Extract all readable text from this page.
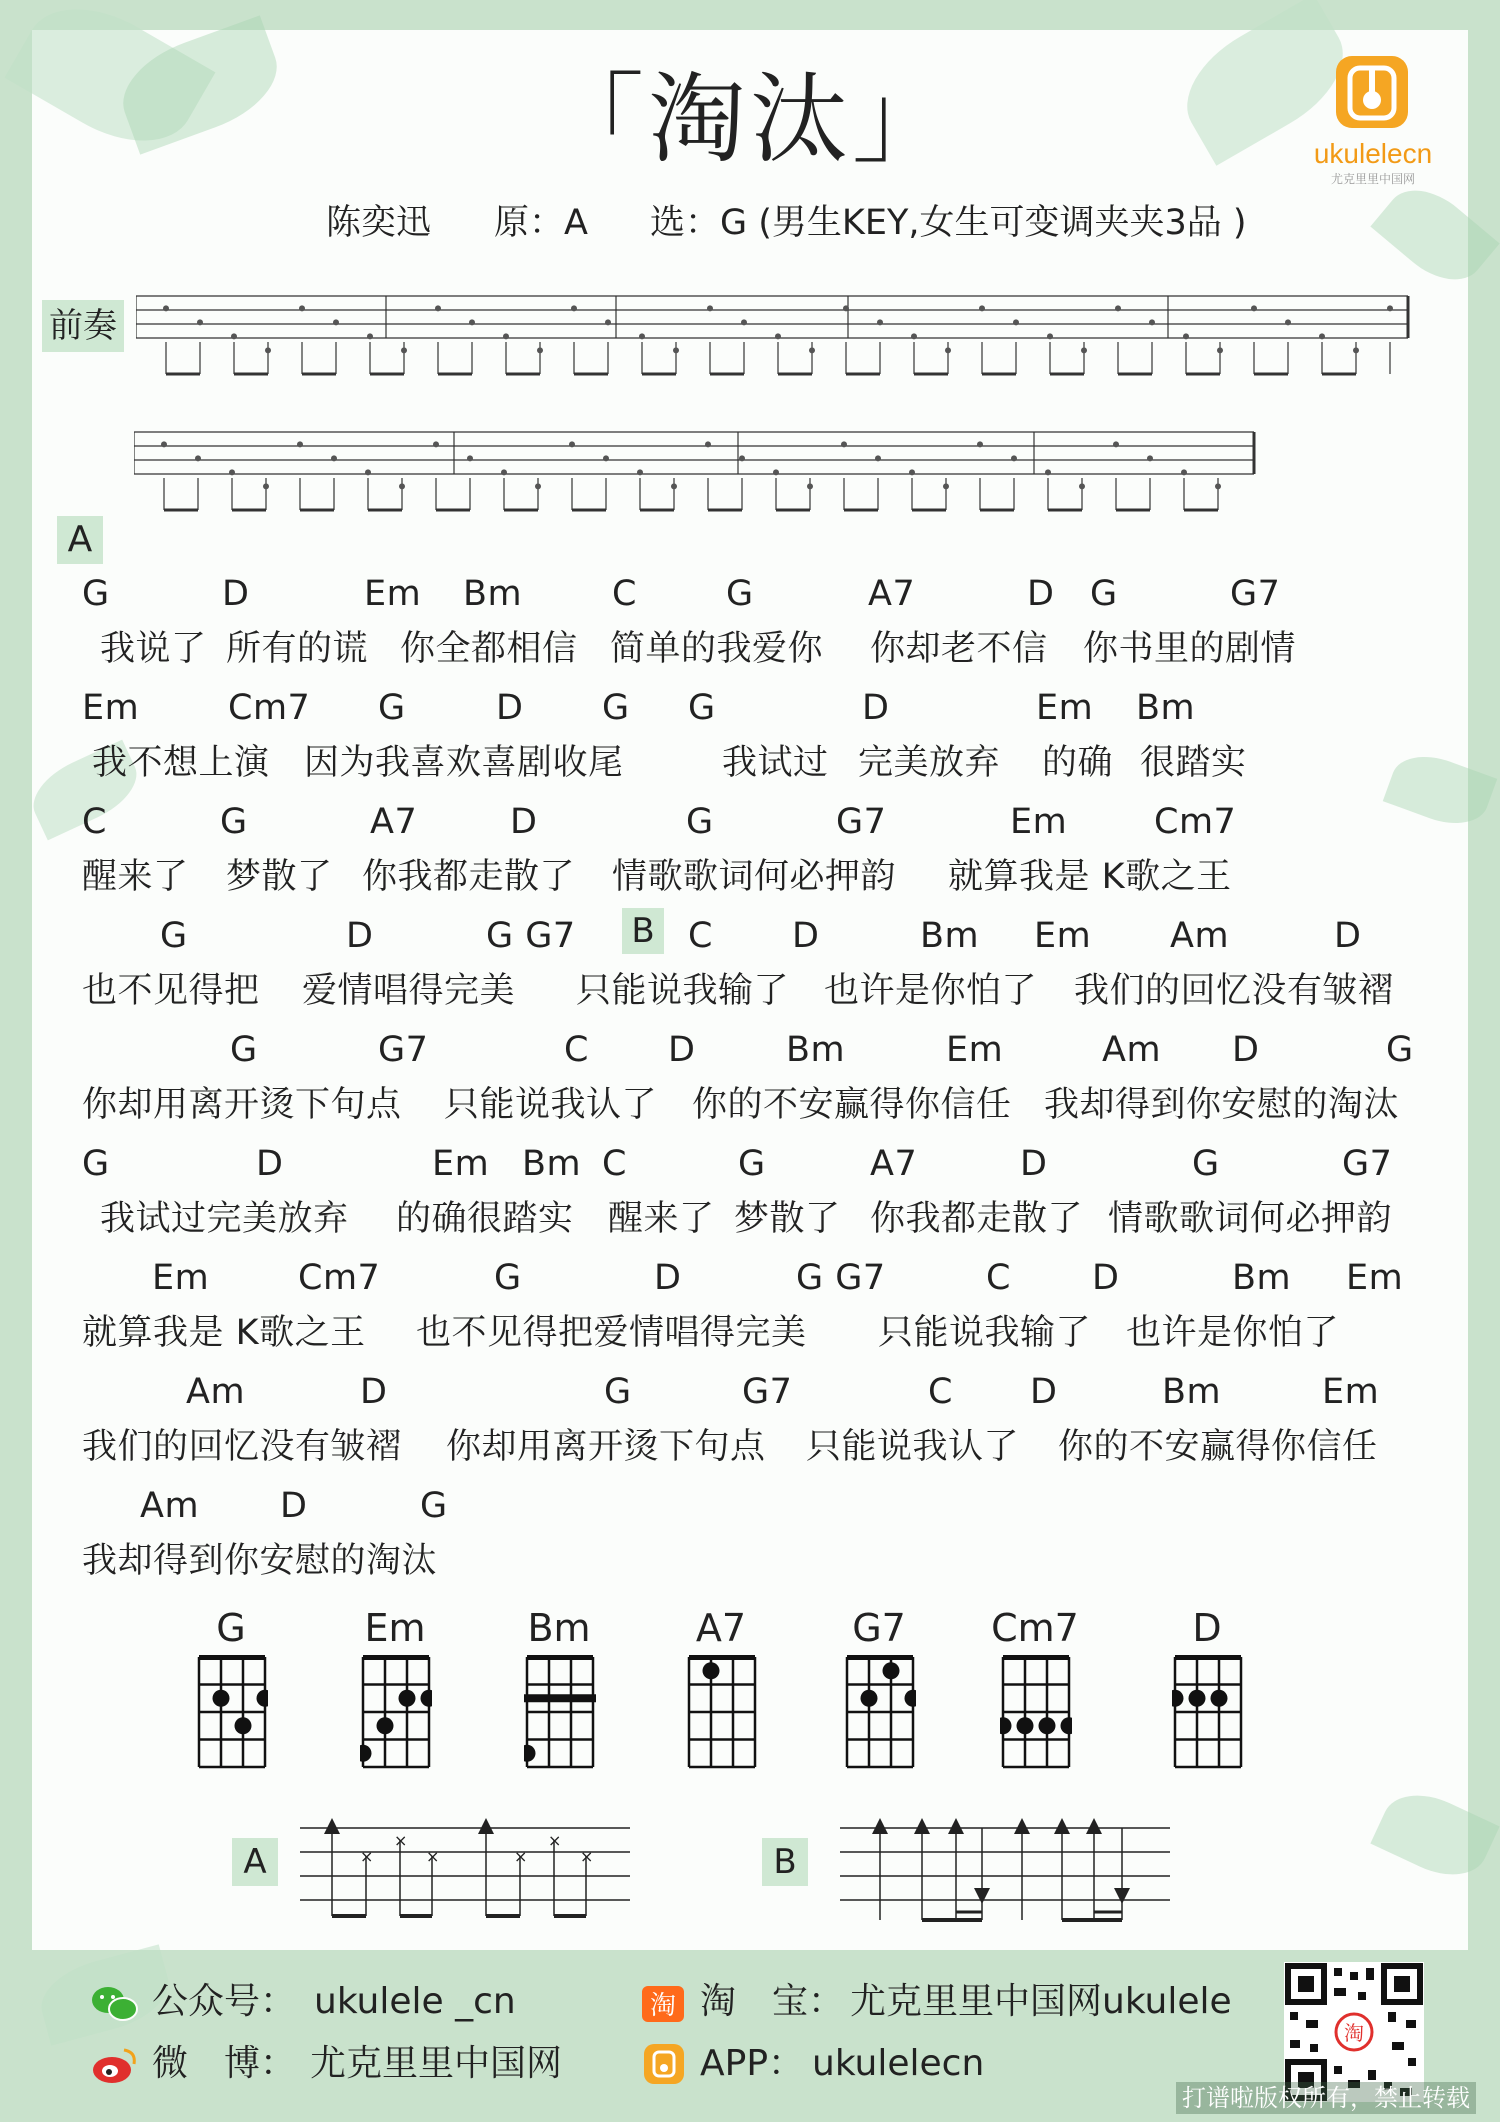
「淘汰」
陈奕迅 原：A 选：G (男生KEY,女生可变调夹夹3品 )
ukulelecn
尤克里里中国网
前奏
A
B
G	D	Em Bm	C	G	A7	D G	G7
我说了 所有的谎 你全都相信 简单的我爱你 你却老不信 你书里的剧情
Em	Cm7 G	D G G	D	Em Bm
我不想上演 因为我喜欢喜剧收尾	我试过 完美放弃 的确 很踏实
C	G	A7	D	G	G7	Em Cm7
醒来了 梦散了 你我都走散了 情歌歌词何必押韵 就算我是 K歌之王
G	D	G G7	C D	Bm Em Am	D
也不见得把 爱情唱得完美 只能说我输了 也许是你怕了 我们的回忆没有皱褶
G	G7	C D	Bm	Em	Am D	G
你却用离开烫下句点 只能说我认了 你的不安赢得你信任 我却得到你安慰的淘汰
G	D	Em Bm C	G	A7	D	G	G7
我试过完美放弃 的确很踏实 醒来了 梦散了 你我都走散了 情歌歌词何必押韵
Em	Cm7	G	D	G G7	C D	Bm Em
就算我是 K歌之王 也不见得把爱情唱得完美 只能说我输了 也许是你怕了
Am	D	G	G7	C D	Bm	Em
我们的回忆没有皱褶 你却用离开烫下句点 只能说我认了 你的不安赢得你信任
Am D	G
我却得到你安慰的淘汰
G	Em	Bm	A7	G7	Cm7	D
A	×
×
×	×
×
×	B
公众号： ukulele _cn
微　博： 尤克里里中国网
淘 淘　宝： 尤克里里中国网ukulele
APP： ukulelecn
淘
打谱啦版权所有，禁止转载
